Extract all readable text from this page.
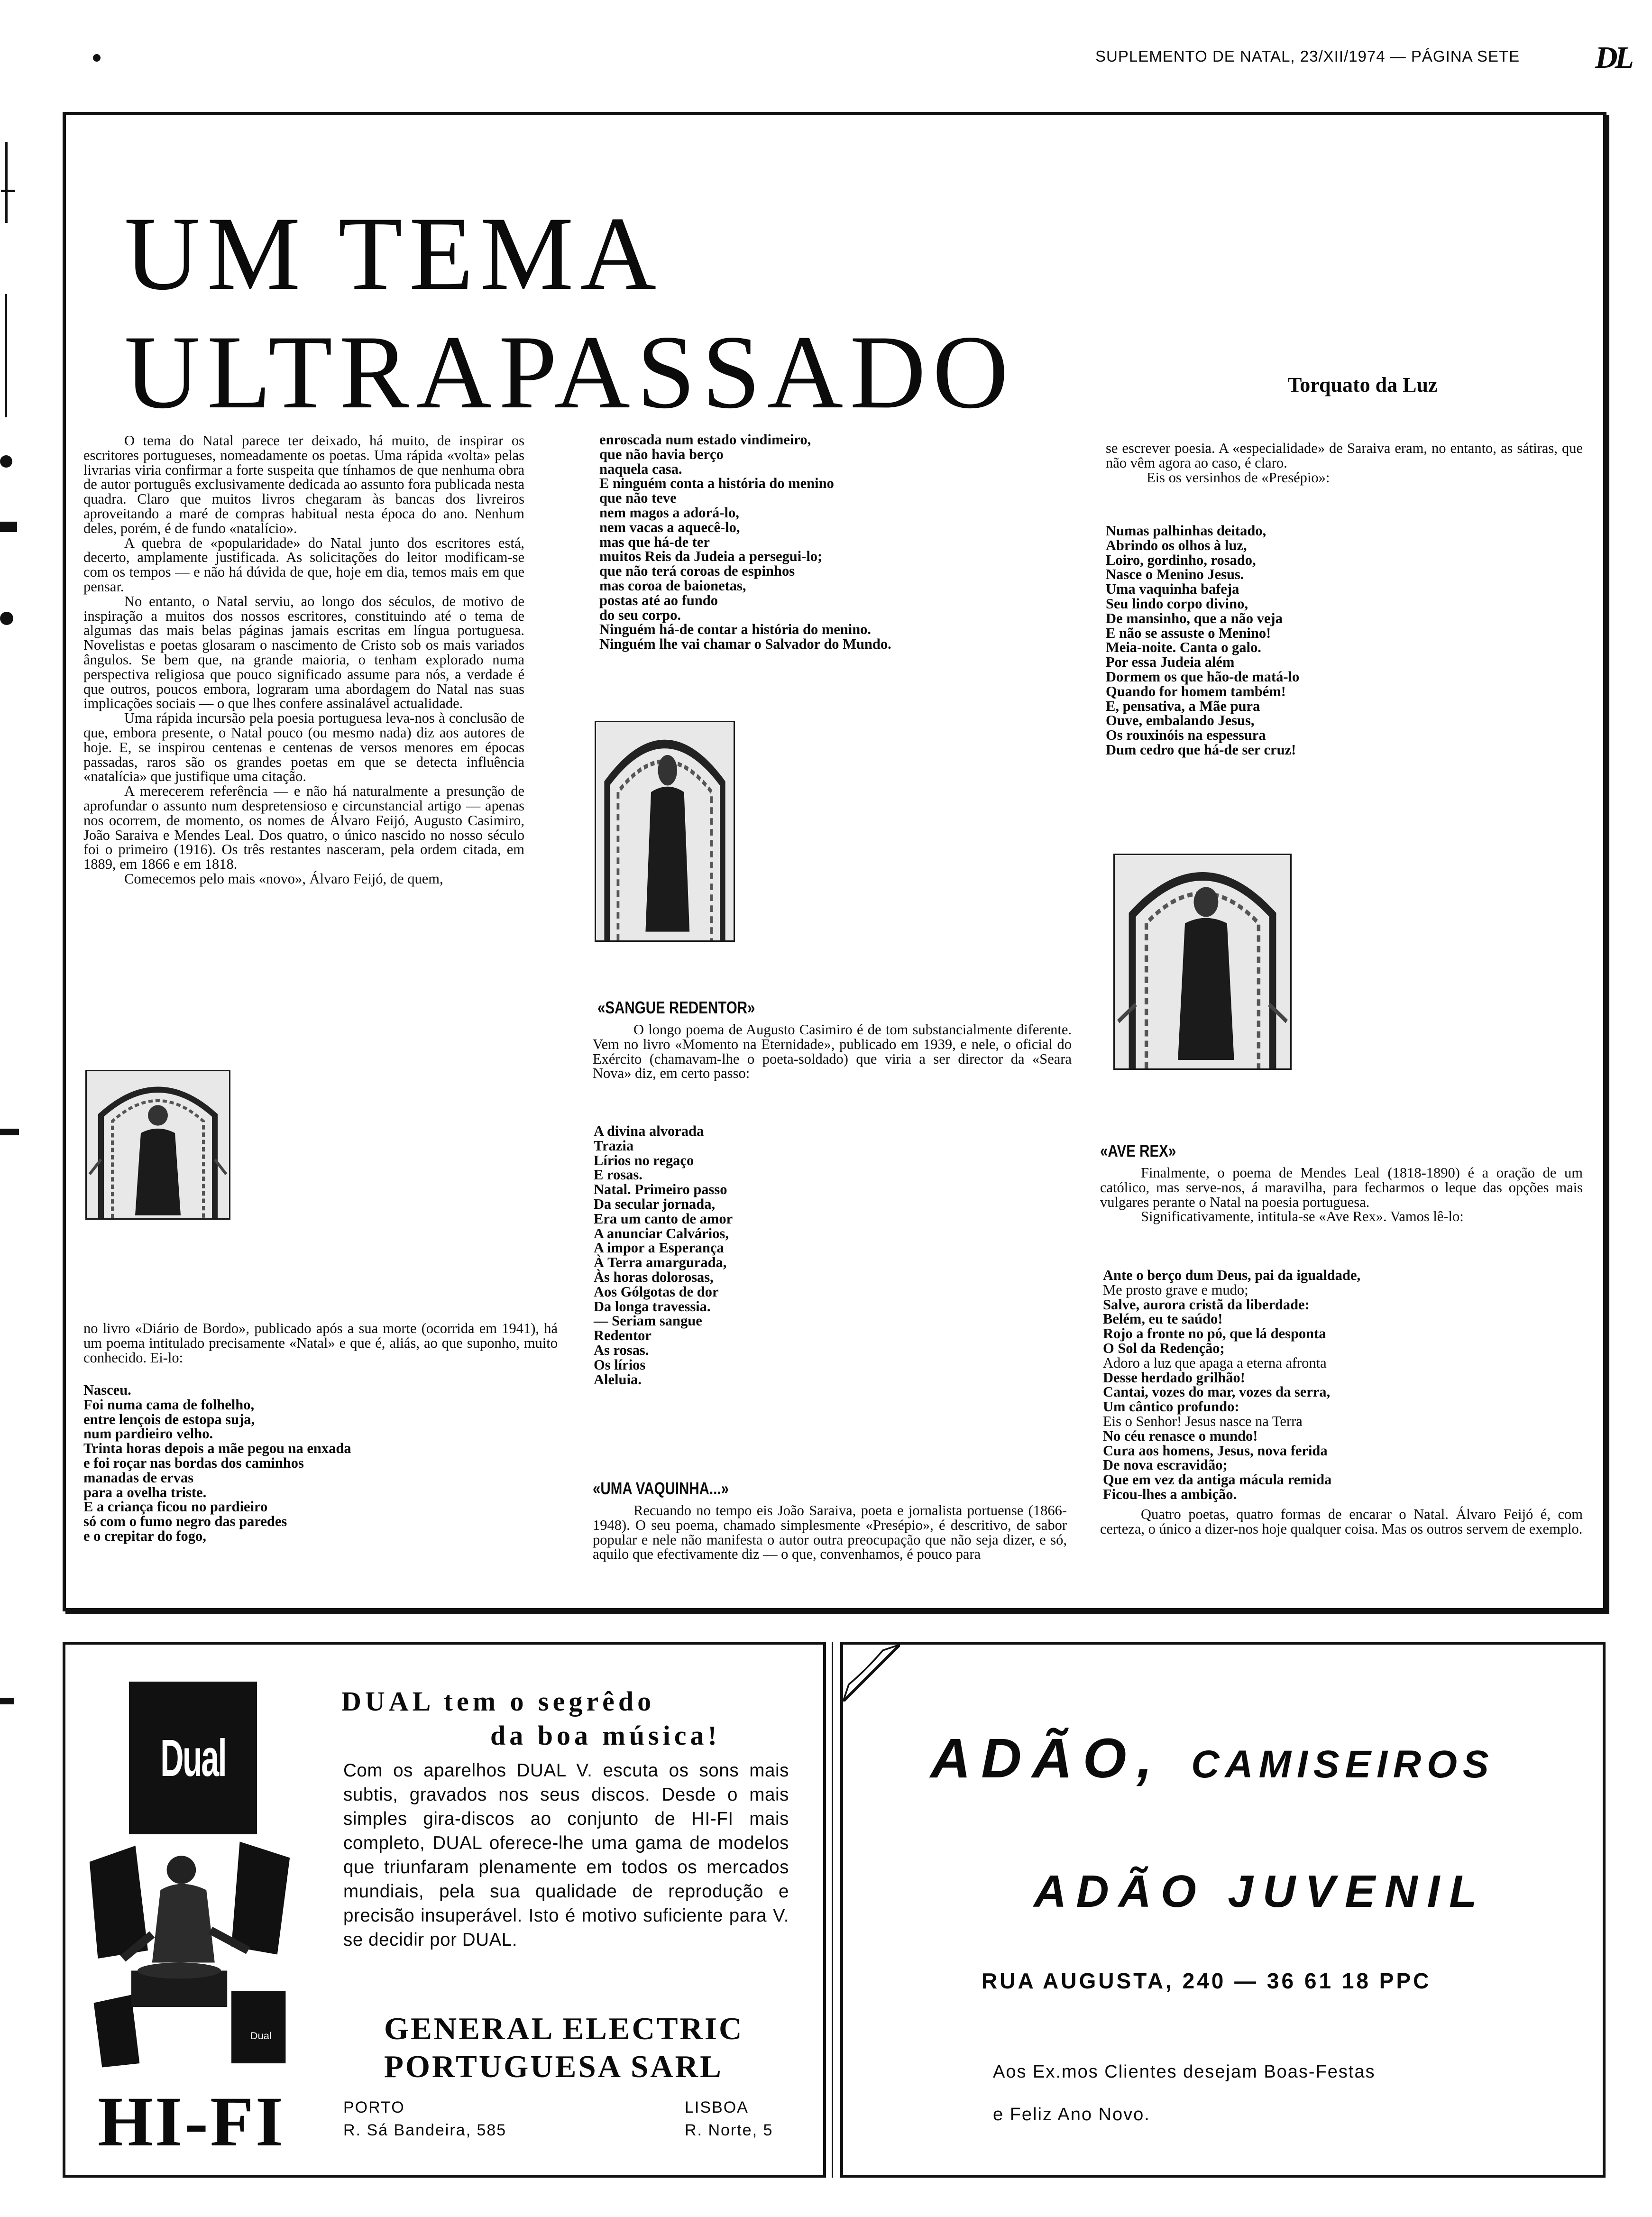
SUPLEMENTO DE NATAL, 23/XII/1974 — PÁGINA SETE DL
UM TEMA
ULTRAPASSADO	Torquato da Luz

O tema do Natal parece ter deixado, há muito, de inspirar os escritores portugueses, nomeadamente os poetas. Uma rápida «volta» pelas livrarias viria confirmar a forte suspeita que tínhamos de que nenhuma obra de autor português exclusivamente dedicada ao assunto fora publicada nesta quadra. Claro que muitos livros chegaram às bancas dos livreiros aproveitando a maré de compras habitual nesta época do ano. Nenhum deles, porém, é de fundo «natalício».

A quebra de «popularidade» do Natal junto dos escritores está, decerto, amplamente justificada. As solicitações do leitor modificam-se com os tempos — e não há dúvida de que, hoje em dia, temos mais em que pensar.

No entanto, o Natal serviu, ao longo dos séculos, de motivo de inspiração a muitos dos nossos escritores, constituindo até o tema de algumas das mais belas páginas jamais escritas em língua portuguesa. Novelistas e poetas glosaram o nascimento de Cristo sob os mais variados ângulos. Se bem que, na grande maioria, o tenham explorado numa perspectiva religiosa que pouco significado assume para nós, a verdade é que outros, poucos embora, lograram uma abordagem do Natal nas suas implicações sociais — o que lhes confere assinalável actualidade.

Uma rápida incursão pela poesia portuguesa leva-nos à conclusão de que, embora presente, o Natal pouco (ou mesmo nada) diz aos autores de hoje. E, se inspirou centenas e centenas de versos menores em épocas passadas, raros são os grandes poetas em que se detecta influência «natalícia» que justifique uma citação.

A merecerem referência — e não há naturalmente a presunção de aprofundar o assunto num despretensioso e circunstancial artigo — apenas nos ocorrem, de momento, os nomes de Álvaro Feijó, Augusto Casimiro, João Saraiva e Mendes Leal. Dos quatro, o único nascido no nosso século foi o primeiro (1916). Os três restantes nasceram, pela ordem citada, em 1889, em 1866 e em 1818.

Comecemos pelo mais «novo», Álvaro Feijó, de quem,

no livro «Diário de Bordo», publicado após a sua morte (ocorrida em 1941), há um poema intitulado precisamente «Natal» e que é, aliás, ao que suponho, muito conhecido. Ei-lo:

Nasceu.
Foi numa cama de folhelho,
entre lençois de estopa suja,
num pardieiro velho.
Trinta horas depois a mãe pegou na enxada
e foi roçar nas bordas dos caminhos
manadas de ervas
para a ovelha triste.
E a criança ficou no pardieiro
só com o fumo negro das paredes
e o crepitar do fogo,
enroscada num estado vindimeiro,
que não havia berço
naquela casa.
E ninguém conta a história do menino
que não teve
nem magos a adorá-lo,
nem vacas a aquecê-lo,
mas que há-de ter
muitos Reis da Judeia a persegui-lo;
que não terá coroas de espinhos
mas coroa de baionetas,
postas até ao fundo
do seu corpo.
Ninguém há-de contar a história do menino.
Ninguém lhe vai chamar o Salvador do Mundo.
«SANGUE REDENTOR»

O longo poema de Augusto Casimiro é de tom substancialmente diferente. Vem no livro «Momento na Eternidade», publicado em 1939, e nele, o oficial do Exército (chamavam-lhe o poeta-soldado) que viria a ser director da «Seara Nova» diz, em certo passo:

A divina alvorada
Trazia
Lírios no regaço
E rosas.
Natal. Primeiro passo
Da secular jornada,
Era um canto de amor
A anunciar Calvários,
A impor a Esperança
À Terra amargurada,
Às horas dolorosas,
Aos Gólgotas de dor
Da longa travessia.
— Seriam sangue
Redentor
As rosas.
Os lírios
Aleluia.
«UMA VAQUINHA...»

Recuando no tempo eis João Saraiva, poeta e jornalista portuense (1866-1948). O seu poema, chamado simplesmente «Presépio», é descritivo, de sabor popular e nele não manifesta o autor outra preocupação que não seja dizer, e só, aquilo que efectivamente diz — o que, convenhamos, é pouco para

se escrever poesia. A «especialidade» de Saraiva eram, no entanto, as sátiras, que não vêm agora ao caso, é claro.

Eis os versinhos de «Presépio»:

Numas palhinhas deitado,
Abrindo os olhos à luz,
Loiro, gordinho, rosado,
Nasce o Menino Jesus.
Uma vaquinha bafeja
Seu lindo corpo divino,
De mansinho, que a não veja
E não se assuste o Menino!
Meia-noite. Canta o galo.
Por essa Judeia além
Dormem os que hão-de matá-lo
Quando for homem também!
E, pensativa, a Mãe pura
Ouve, embalando Jesus,
Os rouxinóis na espessura
Dum cedro que há-de ser cruz!
«AVE REX»

Finalmente, o poema de Mendes Leal (1818-1890) é a oração de um católico, mas serve-nos, á maravilha, para fecharmos o leque das opções mais vulgares perante o Natal na poesia portuguesa.

Significativamente, intitula-se «Ave Rex». Vamos lê-lo:

Ante o berço dum Deus, pai da igualdade,
Me prosto grave e mudo;
Salve, aurora cristã da liberdade:
Belém, eu te saúdo!
Rojo a fronte no pó, que lá desponta
O Sol da Redenção;
Adoro a luz que apaga a eterna afronta
Desse herdado grilhão!
Cantai, vozes do mar, vozes da serra,
Um cântico profundo:
Eis o Senhor! Jesus nasce na Terra
No céu renasce o mundo!
Cura aos homens, Jesus, nova ferida
De nova escravidão;
Que em vez da antiga mácula remida
Ficou-lhes a ambição.

Quatro poetas, quatro formas de encarar o Natal. Álvaro Feijó é, com certeza, o único a dizer-nos hoje qualquer coisa. Mas os outros servem de exemplo.

Dual
Dual
HI-FI
DUAL tem o segrêdo
da boa música!
Com os aparelhos DUAL V. escuta os sons mais subtis, gravados nos seus discos. Desde o mais simples gira-discos ao conjunto de HI-FI mais completo, DUAL oferece-lhe uma gama de modelos que triunfaram plenamente em todos os mercados mundiais, pela sua qualidade de reprodução e precisão insuperável. Isto é motivo suficiente para V. se decidir por DUAL.
GENERAL ELECTRIC
PORTUGUESA SARL
PORTO
R. Sá Bandeira, 585
LISBOA
R. Norte, 5
ADÃO, CAMISEIROS
ADÃO JUVENIL
RUA AUGUSTA, 240 — 36 61 18 PPC
Aos Ex.mos Clientes desejam Boas-Festas
e Feliz Ano Novo.
